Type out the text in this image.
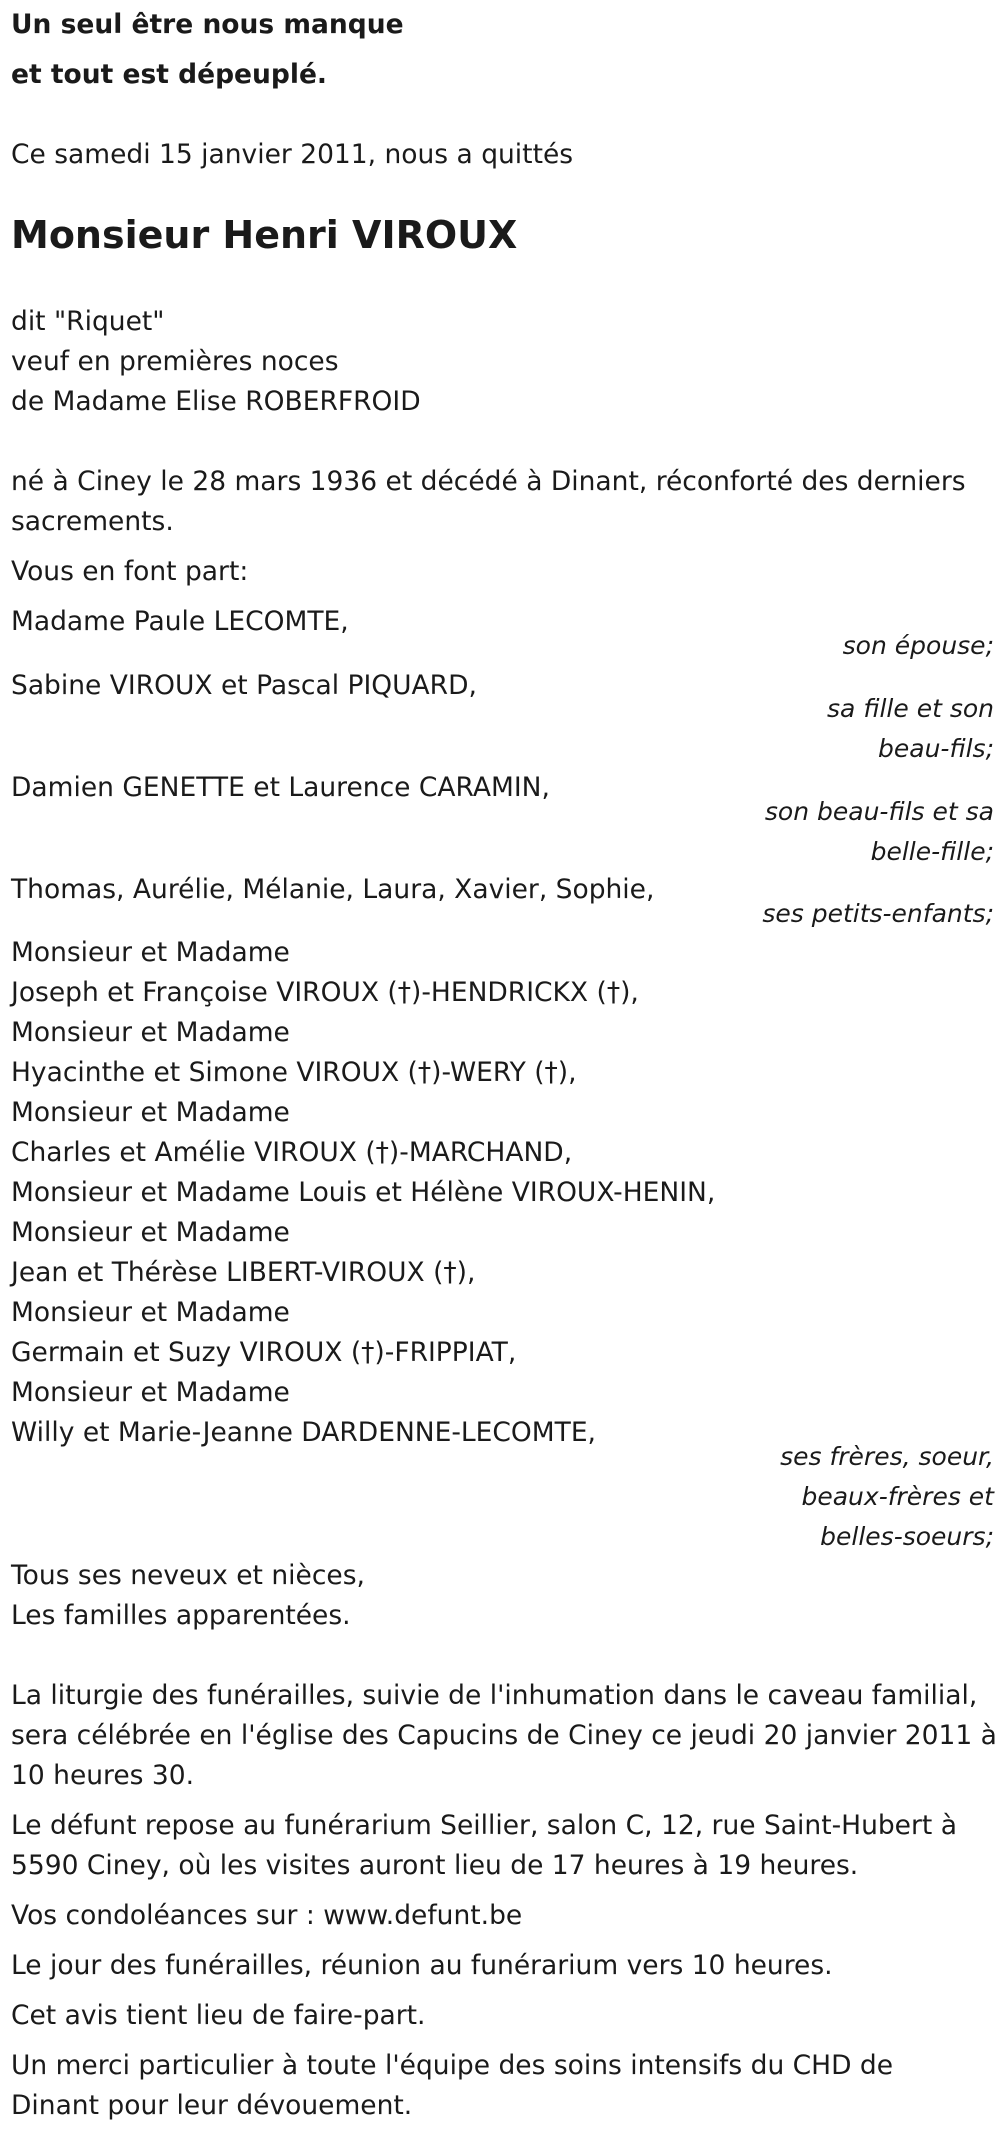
Un seul être nous manque
et tout est dépeuplé.
Ce samedi 15 janvier 2011, nous a quittés
Monsieur Henri VIROUX
dit "Riquet"
veuf en premières noces
de Madame Elise ROBERFROID
né à Ciney le 28 mars 1936 et décédé à Dinant, réconforté des derniers
sacrements.
Vous en font part:
Madame Paule LECOMTE,
son épouse;
Sabine VIROUX et Pascal PIQUARD,
sa fille et son
beau-fils;
Damien GENETTE et Laurence CARAMIN,
son beau-fils et sa
belle-fille;
Thomas, Aurélie, Mélanie, Laura, Xavier, Sophie,
ses petits-enfants;
Monsieur et Madame
Joseph et Françoise VIROUX (†)-HENDRICKX (†),
Monsieur et Madame
Hyacinthe et Simone VIROUX (†)-WERY (†),
Monsieur et Madame
Charles et Amélie VIROUX (†)-MARCHAND,
Monsieur et Madame Louis et Hélène VIROUX-HENIN,
Monsieur et Madame
Jean et Thérèse LIBERT-VIROUX (†),
Monsieur et Madame
Germain et Suzy VIROUX (†)-FRIPPIAT,
Monsieur et Madame
Willy et Marie-Jeanne DARDENNE-LECOMTE,
ses frères, soeur,
beaux-frères et
belles-soeurs;
Tous ses neveux et nièces,
Les familles apparentées.
La liturgie des funérailles, suivie de l'inhumation dans le caveau familial,
sera célébrée en l'église des Capucins de Ciney ce jeudi 20 janvier 2011 à
10 heures 30.
Le défunt repose au funérarium Seillier, salon C, 12, rue Saint-Hubert à
5590 Ciney, où les visites auront lieu de 17 heures à 19 heures.
Vos condoléances sur : www.defunt.be
Le jour des funérailles, réunion au funérarium vers 10 heures.
Cet avis tient lieu de faire-part.
Un merci particulier à toute l'équipe des soins intensifs du CHD de
Dinant pour leur dévouement.
